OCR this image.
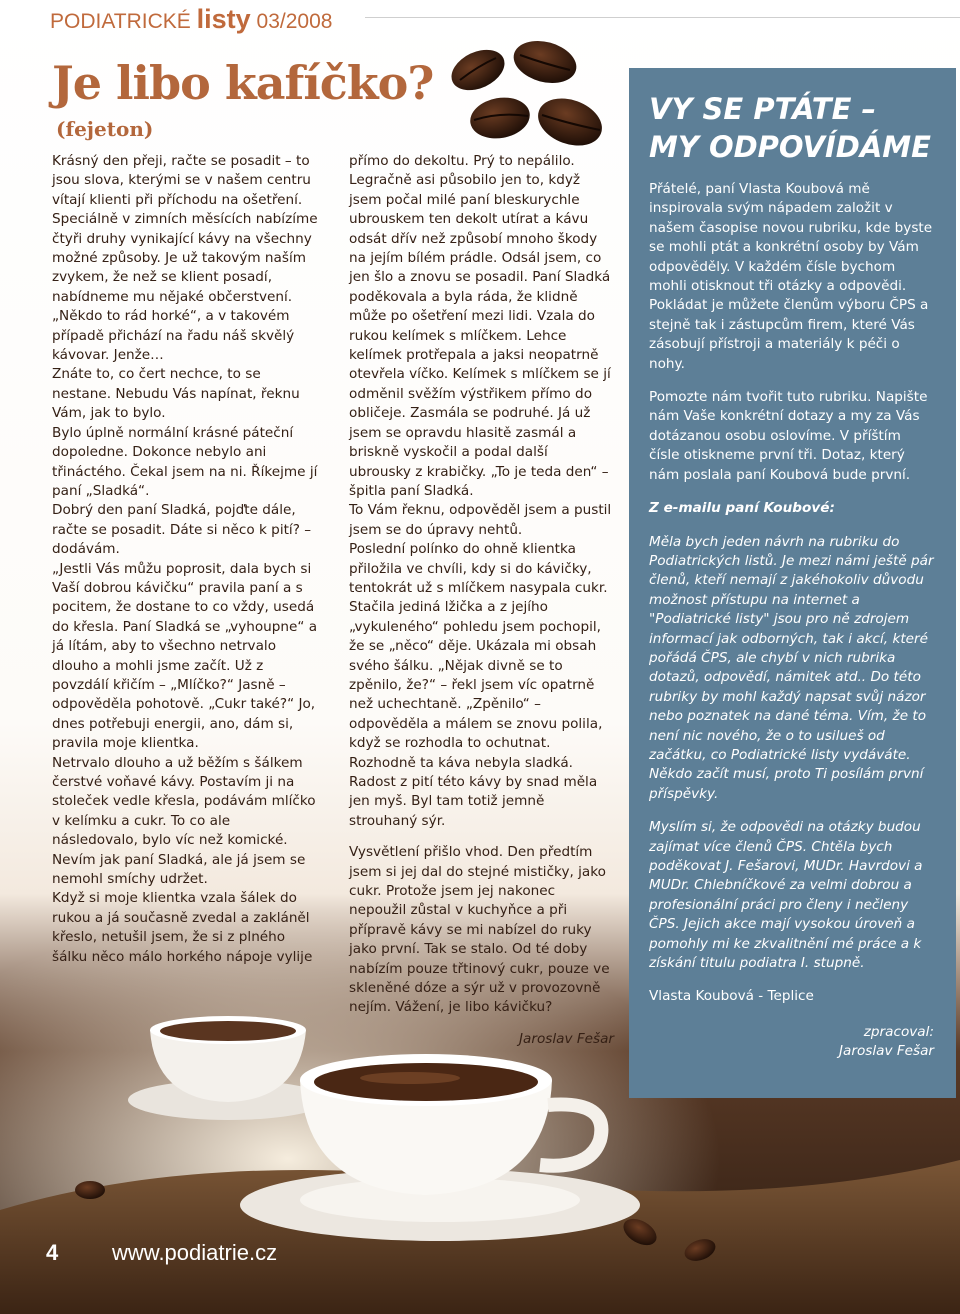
PODIATRICKÉ listy 03/2008
Je libo kafíčko?
(fejeton)

Krásný den přeji, račte se posadit – to jsou slova, kterými se v našem centru vítají klienti při příchodu na ošetření. Speciálně v zimních měsících nabízíme čtyři druhy vynikající kávy na všechny možné způsoby. Je už takovým naším zvykem, že než se klient posadí, nabídneme mu nějaké občerstvení. „Někdo to rád horké“, a v takovém případě přichází na řadu náš skvělý kávovar. Jenže…

Znáte to, co čert nechce, to se nestane. Nebudu Vás napínat, řeknu Vám, jak to bylo.

Bylo úplně normální krásné páteční dopoledne. Dokonce nebylo ani třináctého. Čekal jsem na ni. Říkejme jí paní „Sladká“.

Dobrý den paní Sladká, pojďte dále, račte se posadit. Dáte si něco k pití? – dodávám.

„Jestli Vás můžu poprosit, dala bych si Vaší dobrou kávičku“ pravila paní a s pocitem, že dostane to co vždy, usedá do křesla. Paní Sladká se „vyhoupne“ a já lítám, aby to všechno netrvalo dlouho a mohli jsme začít. Už z povzdálí křičím – „Mlíčko?“ Jasně – odpověděla pohotově. „Cukr také?“ Jo, dnes potřebuji energii, ano, dám si, pravila moje klientka.

Netrvalo dlouho a už běžím s šálkem čerstvé voňavé kávy. Postavím ji na stoleček vedle křesla, podávám mlíčko v kelímku a cukr. To co ale následovalo, bylo víc než komické. Nevím jak paní Sladká, ale já jsem se nemohl smíchy udržet.

Když si moje klientka vzala šálek do rukou a já současně zvedal a zakláněl křeslo, netušil jsem, že si z plného šálku něco málo horkého nápoje vylije

přímo do dekoltu. Prý to nepálilo. Legračně asi působilo jen to, když jsem počal milé paní bleskurychle ubrouskem ten dekolt utírat a kávu odsát dřív než způsobí mnoho škody na jejím bílém prádle. Odsál jsem, co jen šlo a znovu se posadil. Paní Sladká poděkovala a byla ráda, že klidně může po ošetření mezi lidi. Vzala do rukou kelímek s mlíčkem. Lehce kelímek protřepala a jaksi neopatrně otevřela víčko. Kelímek s mlíčkem se jí odměnil svěžím výstřikem přímo do obličeje. Zasmála se podruhé. Já už jsem se opravdu hlasitě zasmál a briskně vyskočil a podal další ubrousky z krabičky. „To je teda den“ – špitla paní Sladká.

To Vám řeknu, odpověděl jsem a pustil jsem se do úpravy nehtů.

Poslední polínko do ohně klientka přiložila ve chvíli, kdy si do kávičky, tentokrát už s mlíčkem nasypala cukr. Stačila jediná lžička a z jejího „vykuleného“ pohledu jsem pochopil, že se „něco“ děje. Ukázala mi obsah svého šálku. „Nějak divně se to zpěnilo, že?“ – řekl jsem víc opatrně než uchechtaně. „Zpěnilo“ – odpověděla a málem se znovu polila, když se rozhodla to ochutnat. Rozhodně ta káva nebyla sladká. Radost z pití této kávy by snad měla jen myš. Byl tam totiž jemně strouhaný sýr.

Vysvětlení přišlo vhod. Den předtím jsem si jej dal do stejné mističky, jako cukr. Protože jsem jej nakonec nepoužil zůstal v kuchyňce a při přípravě kávy se mi nabízel do ruky jako první. Tak se stalo. Od té doby nabízím pouze třtinový cukr, pouze ve skleněné dóze a sýr už v provozovně nejím. Vážení, je libo kávičku?

Jaroslav Fešar

VY SE PTÁTE –
MY ODPOVÍDÁME

Přátelé, paní Vlasta Koubová mě inspirovala svým nápadem založit v našem časopise novou rubriku, kde byste se mohli ptát a konkrétní osoby by Vám odpověděly. V každém čísle bychom mohli otisknout tři otázky a odpovědi. Pokládat je můžete členům výboru ČPS a stejně tak i zástupcům firem, které Vás zásobují přístroji a materiály k péči o nohy.

Pomozte nám tvořit tuto rubriku. Napište nám Vaše konkrétní dotazy a my za Vás dotázanou osobu oslovíme. V příštím čísle otiskneme první tři. Dotaz, který nám poslala paní Koubová bude první.

Z e-mailu paní Koubové:

Měla bych jeden návrh na rubriku do Podiatrických listů. Je mezi námi ještě pár členů, kteří nemají z jakéhokoliv důvodu možnost přístupu na internet a "Podiatrické listy" jsou pro ně zdrojem informací jak odborných, tak i akcí, které pořádá ČPS, ale chybí v nich rubrika dotazů, odpovědí, námitek atd.. Do této rubriky by mohl každý napsat svůj názor nebo poznatek na dané téma. Vím, že to není nic nového, že o to usilueš od začátku, co Podiatrické listy vydáváte. Někdo začít musí, proto Ti posílám první příspěvky.

Myslím si, že odpovědi na otázky budou zajímat více členů ČPS. Chtěla bych poděkovat J. Fešarovi, MUDr. Havrdovi a MUDr. Chlebníčkové za velmi dobrou a profesionální práci pro členy i nečleny ČPS. Jejich akce mají vysokou úroveň a pomohly mi ke zkvalitnění mé práce a k získání titulu podiatra I. stupně.

Vlasta Koubová - Teplice

zpracoval:

Jaroslav Fešar

4 www.podiatrie.cz
